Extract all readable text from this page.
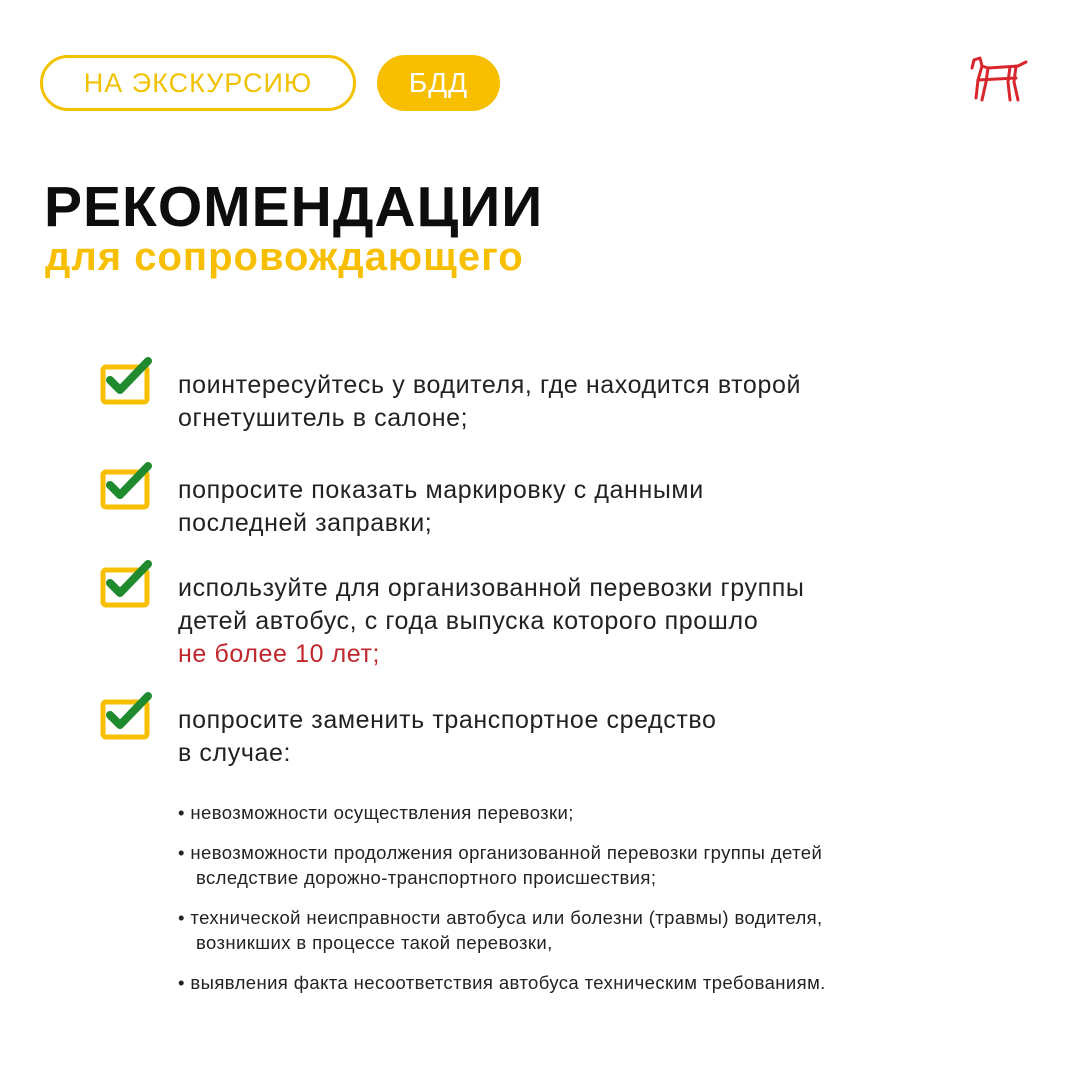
НА ЭКСКУРСИЮ	БДД
РЕКОМЕНДАЦИИ
для сопровождающего
поинтересуйтесь у водителя, где находится второй
огнетушитель в салоне;
попросите показать маркировку с данными
последней заправки;
используйте для организованной перевозки группы
детей автобус, с года выпуска которого прошло
не более 10 лет;
попросите заменить транспортное средство
в случае:
• невозможности осуществления перевозки;
• невозможности продолжения организованной перевозки группы детей
вследствие дорожно-транспортного происшествия;
• технической неисправности автобуса или болезни (травмы) водителя,
возникших в процессе такой перевозки,
• выявления факта несоответствия автобуса техническим требованиям.
